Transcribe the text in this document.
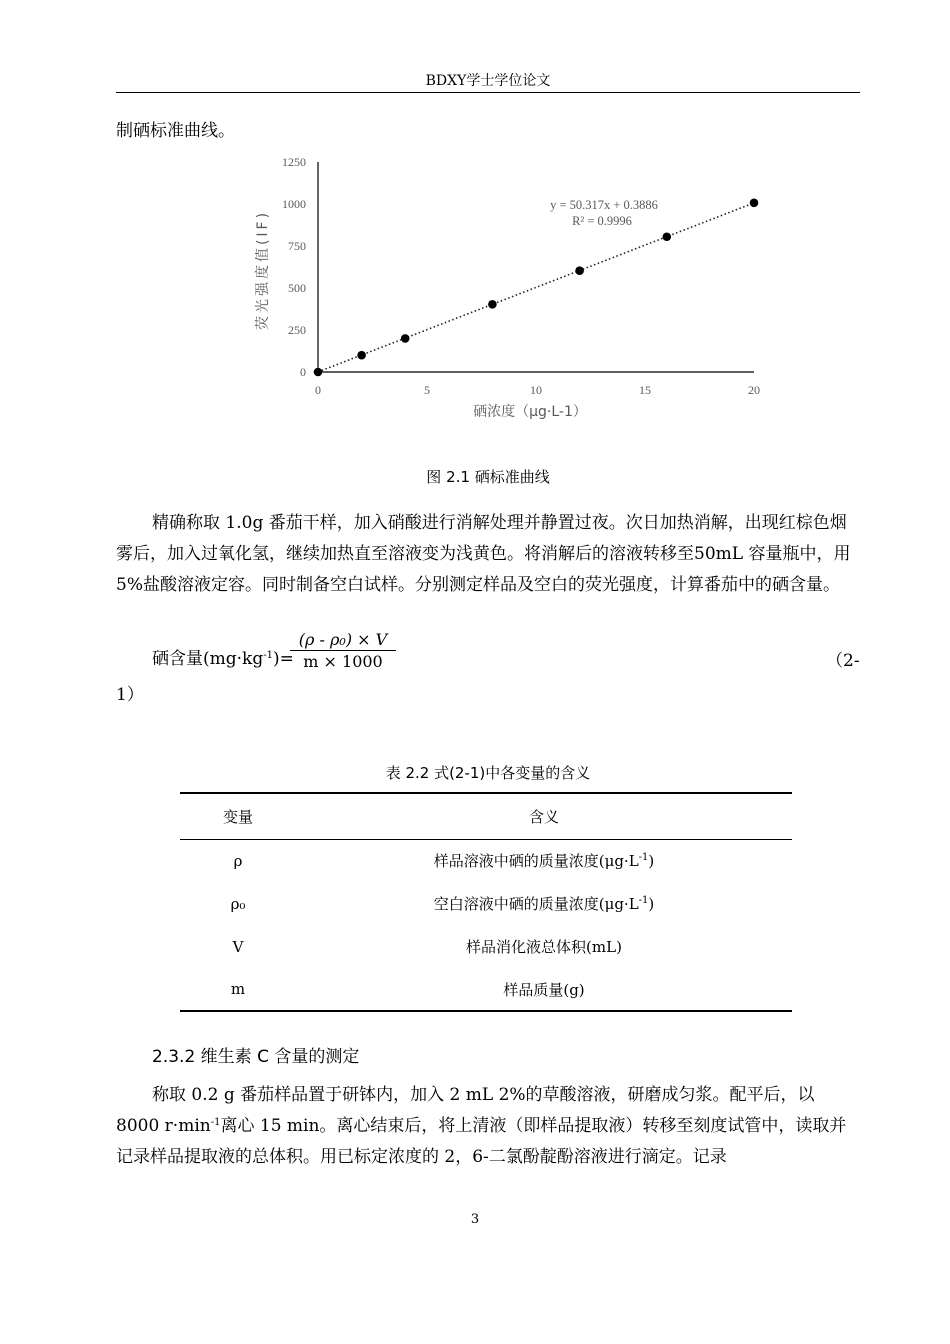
BDXY学士学位论文

制硒标准曲线。

0	5	10	15	20
0
250
500
750
1000
1250
y = 50.317x + 0.3886
R² = 0.9996
硒浓度（μg·L-1）
荧光强度值(IF)
图 2.1 硒标准曲线

精确称取 1.0g 番茄干样，加入硝酸进行消解处理并静置过夜。次日加热消解，出现红棕色烟雾后，加入过氧化氢，继续加热直至溶液变为浅黄色。将消解后的溶液转移至50mL 容量瓶中，用 5%盐酸溶液定容。同时制备空白试样。分别测定样品及空白的荧光强度，计算番茄中的硒含量。

硒含量$(mg\cdot kg^{-1})=$
$\frac{\text{(ρ - ρ₀) × V}}{m \times 1000}$	（2-
1）
表 2.2 式(2-1)中各变量的含义
变量	含义
ρ	样品溶液中硒的质量浓度$(\mu g\cdot L^{-1})$
ρ₀	空白溶液中硒的质量浓度$(\mu g\cdot L^{-1})$
V	样品消化液总体积(mL)
m	样品质量(g)
2.3.2 维生素 C 含量的测定

称取 0.2 g 番茄样品置于研钵内，加入 2 mL 2%的草酸溶液，研磨成匀浆。配平后，以 8000 $r\cdot\min^{-1}$离心 15 min。离心结束后，将上清液（即样品提取液）转移至刻度试管中，读取并记录样品提取液的总体积。用已标定浓度的 2，6-二氯酚靛酚溶液进行滴定。记录

3
